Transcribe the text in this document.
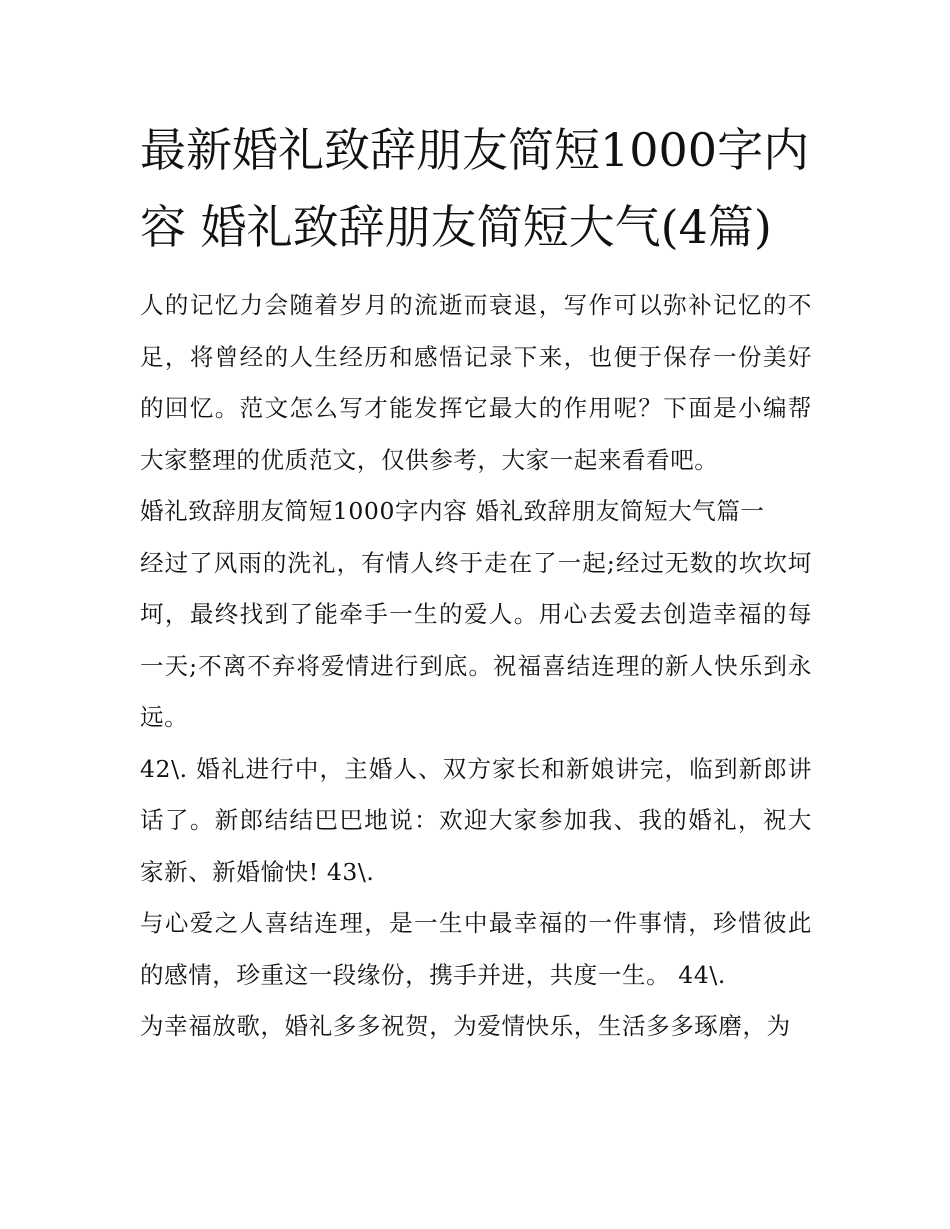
最新婚礼致辞朋友简短1000字内容 婚礼致辞朋友简短大气(4篇)

人的记忆力会随着岁月的流逝而衰退，写作可以弥补记忆的不足，将曾经的人生经历和感悟记录下来，也便于保存一份美好的回忆。范文怎么写才能发挥它最大的作用呢？下面是小编帮大家整理的优质范文，仅供参考，大家一起来看看吧。

婚礼致辞朋友简短1000字内容 婚礼致辞朋友简短大气篇一

经过了风雨的洗礼，有情人终于走在了一起;经过无数的坎坎坷坷，最终找到了能牵手一生的爱人。用心去爱去创造幸福的每一天;不离不弃将爱情进行到底。祝福喜结连理的新人快乐到永远。

42\. 婚礼进行中，主婚人、双方家长和新娘讲完，临到新郎讲话了。新郎结结巴巴地说：欢迎大家参加我、我的婚礼，祝大家新、新婚愉快! 43\.

与心爱之人喜结连理，是一生中最幸福的一件事情，珍惜彼此的感情，珍重这一段缘份，携手并进，共度一生。 44\.

为幸福放歌，婚礼多多祝贺，为爱情快乐，生活多多琢磨，为
